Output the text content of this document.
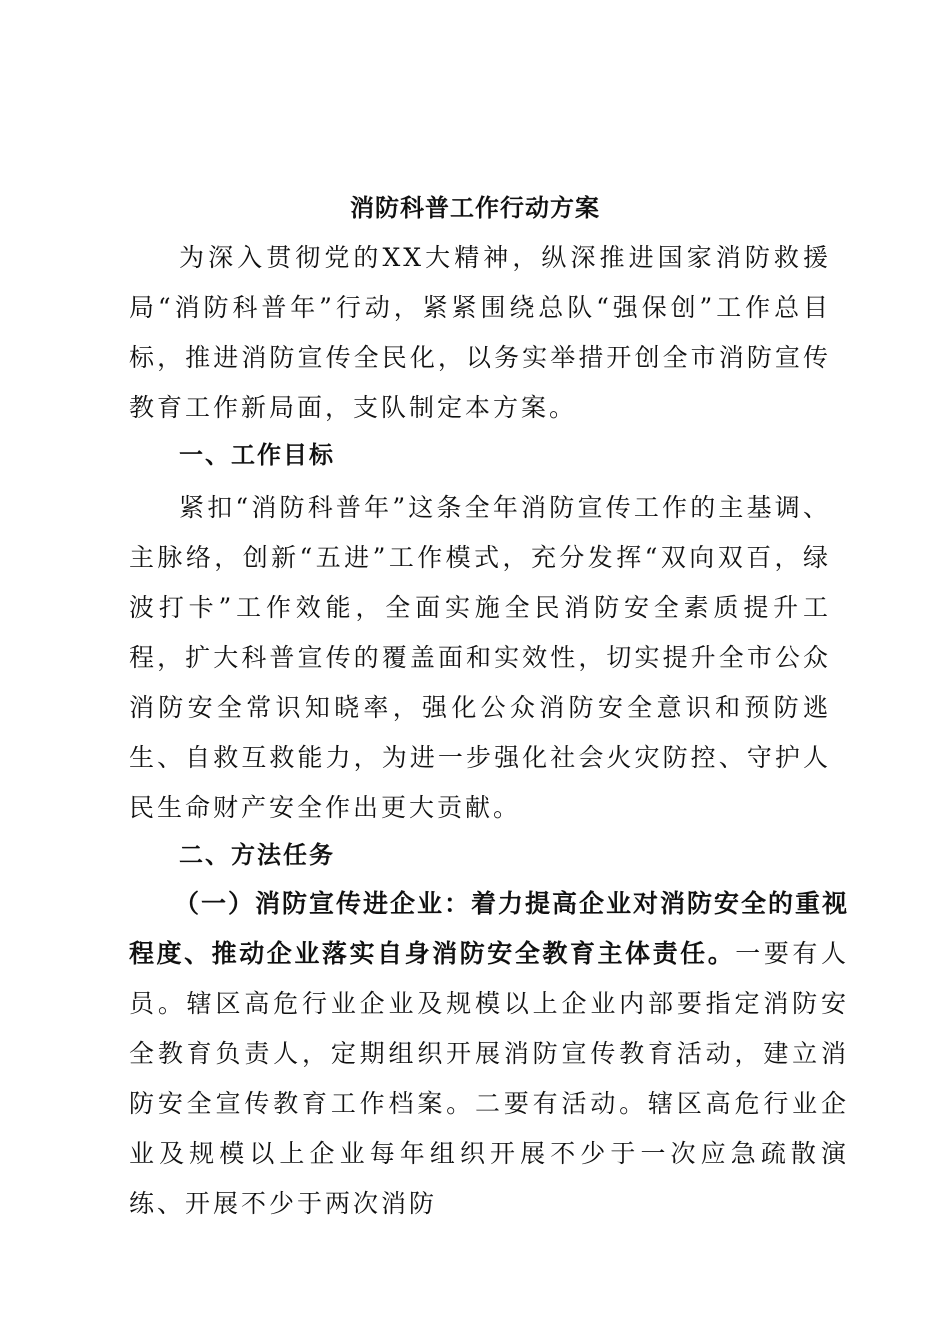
消防科普工作行动方案

为深入贯彻党的XX大精神，纵深推进国家消防救援局“消防科普年”行动，紧紧围绕总队“强保创”工作总目标，推进消防宣传全民化，以务实举措开创全市消防宣传教育工作新局面，支队制定本方案。

一、工作目标

紧扣“消防科普年”这条全年消防宣传工作的主基调、主脉络，创新“五进”工作模式，充分发挥“双向双百，绿波打卡”工作效能，全面实施全民消防安全素质提升工程，扩大科普宣传的覆盖面和实效性，切实提升全市公众消防安全常识知晓率，强化公众消防安全意识和预防逃生、自救互救能力，为进一步强化社会火灾防控、守护人民生命财产安全作出更大贡献。

二、方法任务

（一）消防宣传进企业：着力提高企业对消防安全的重视程度、推动企业落实自身消防安全教育主体责任。一要有人员。辖区高危行业企业及规模以上企业内部要指定消防安全教育负责人，定期组织开展消防宣传教育活动，建立消防安全宣传教育工作档案。二要有活动。辖区高危行业企业及规模以上企业每年组织开展不少于一次应急疏散演练、开展不少于两次消防
